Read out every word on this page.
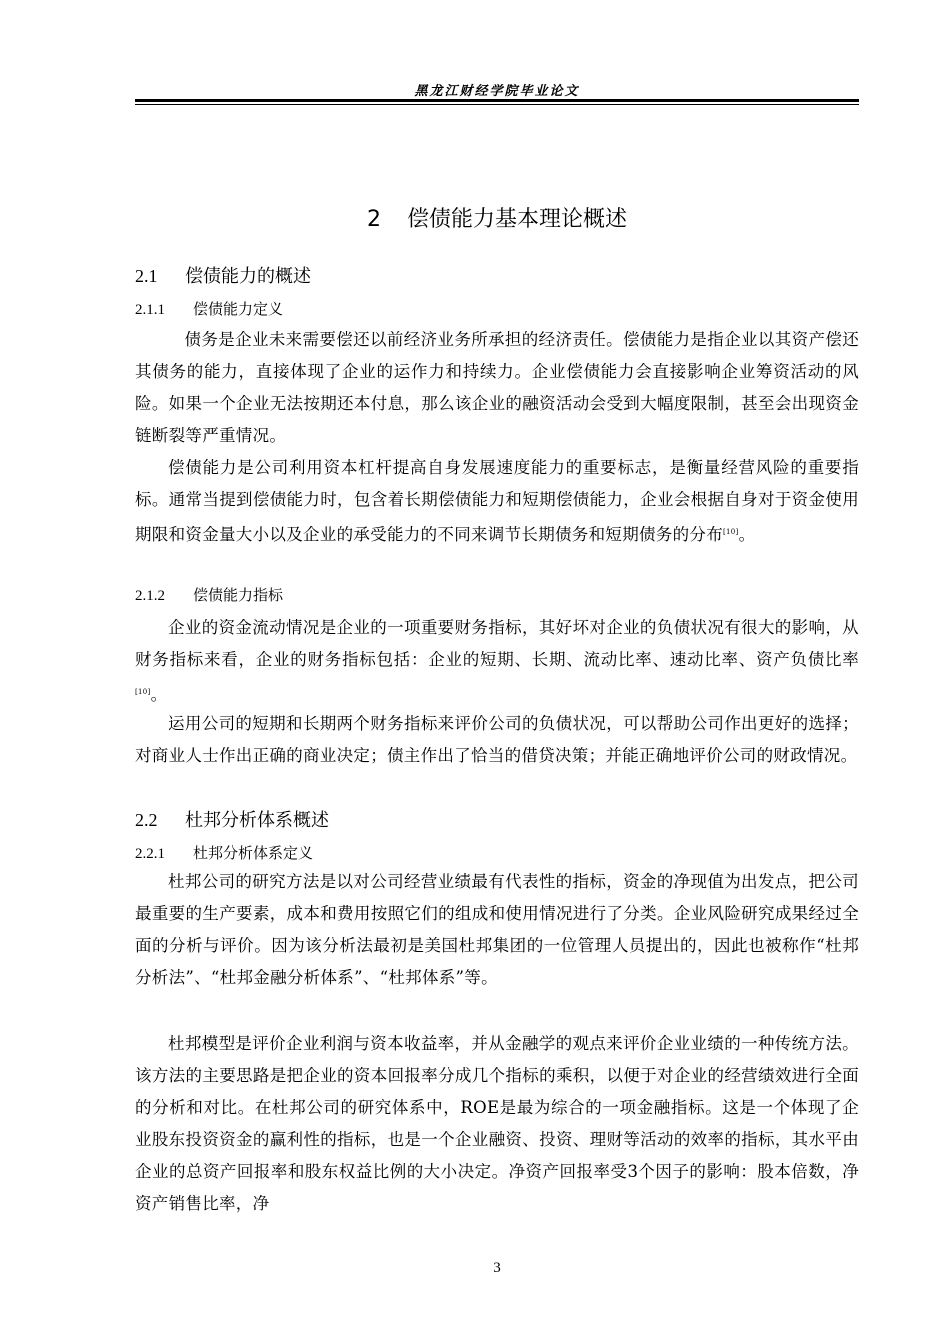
黑龙江财经学院毕业论文
2 偿债能力基本理论概述
2.1 偿债能力的概述
2.1.1 偿债能力定义
债务是企业未来需要偿还以前经济业务所承担的经济责任。偿债能力是指企业以其资产偿还其债务的能力，直接体现了企业的运作力和持续力。企业偿债能力会直接影响企业筹资活动的风险。如果一个企业无法按期还本付息，那么该企业的融资活动会受到大幅度限制，甚至会出现资金链断裂等严重情况。
偿债能力是公司利用资本杠杆提高自身发展速度能力的重要标志，是衡量经营风险的重要指标。通常当提到偿债能力时，包含着长期偿债能力和短期偿债能力，企业会根据自身对于资金使用期限和资金量大小以及企业的承受能力的不同来调节长期债务和短期债务的分布[10]。
2.1.2 偿债能力指标
企业的资金流动情况是企业的一项重要财务指标，其好坏对企业的负债状况有很大的影响，从财务指标来看，企业的财务指标包括：企业的短期、长期、流动比率、速动比率、资产负债比率[10]。
运用公司的短期和长期两个财务指标来评价公司的负债状况，可以帮助公司作出更好的选择；对商业人士作出正确的商业决定；债主作出了恰当的借贷决策；并能正确地评价公司的财政情况。
2.2 杜邦分析体系概述
2.2.1 杜邦分析体系定义
杜邦公司的研究方法是以对公司经营业绩最有代表性的指标，资金的净现值为出发点，把公司最重要的生产要素，成本和费用按照它们的组成和使用情况进行了分类。企业风险研究成果经过全面的分析与评价。因为该分析法最初是美国杜邦集团的一位管理人员提出的，因此也被称作“杜邦分析法”、“杜邦金融分析体系”、“杜邦体系”等。
杜邦模型是评价企业利润与资本收益率，并从金融学的观点来评价企业业绩的一种传统方法。该方法的主要思路是把企业的资本回报率分成几个指标的乘积，以便于对企业的经营绩效进行全面的分析和对比。在杜邦公司的研究体系中，ROE是最为综合的一项金融指标。这是一个体现了企业股东投资资金的赢利性的指标，也是一个企业融资、投资、理财等活动的效率的指标，其水平由企业的总资产回报率和股东权益比例的大小决定。净资产回报率受3个因子的影响：股本倍数，净资产销售比率，净
3
